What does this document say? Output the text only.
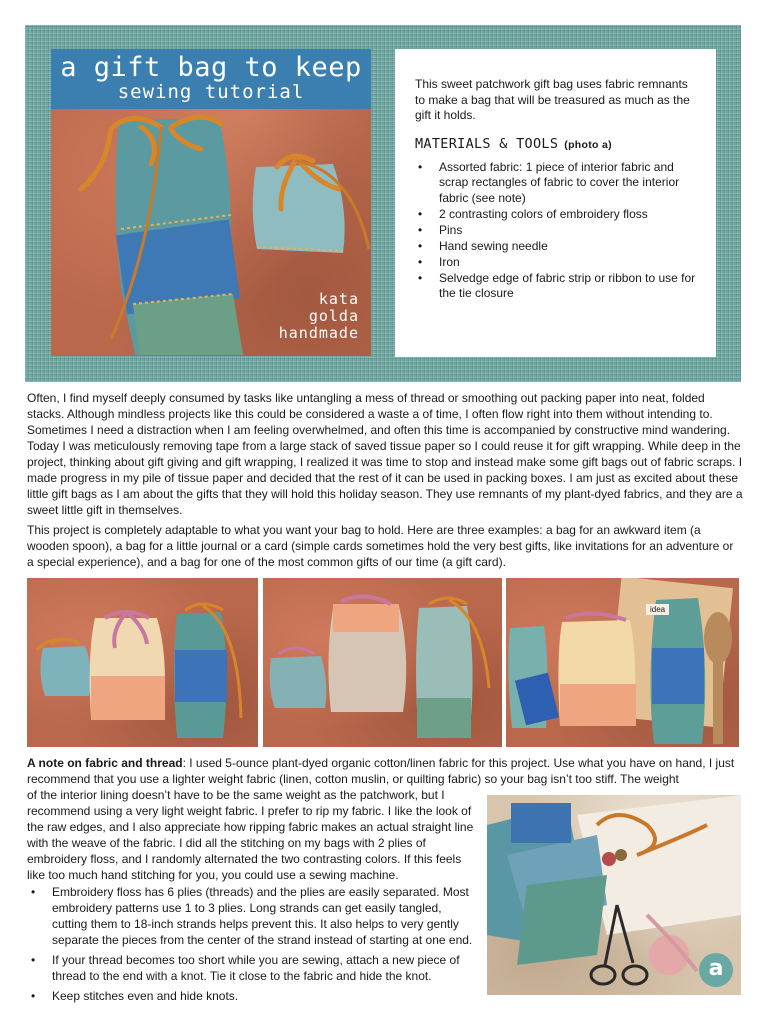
a gift bag to keep
sewing tutorial
kata
golda
handmade

This sweet patchwork gift bag uses fabric remnants to make a bag that will be treasured as much as the gift it holds.

MATERIALS & TOOLS (photo a)
• Assorted fabric: 1 piece of interior fabric and scrap rectangles of fabric to cover the interior fabric (see note)
• 2 contrasting colors of embroidery floss
• Pins
• Hand sewing needle
• Iron
• Selvedge edge of fabric strip or ribbon to use for the tie closure

Often, I find myself deeply consumed by tasks like untangling a mess of thread or smoothing out packing paper into neat, folded stacks. Although mindless projects like this could be considered a waste a of time, I often flow right into them without intending to. Sometimes I need a distraction when I am feeling overwhelmed, and often this time is accompanied by constructive mind wandering. Today I was meticulously removing tape from a large stack of saved tissue paper so I could reuse it for gift wrapping. While deep in the project, thinking about gift giving and gift wrapping, I realized it was time to stop and instead make some gift bags out of fabric scraps. I made progress in my pile of tissue paper and decided that the rest of it can be used in packing boxes. I am just as excited about these little gift bags as I am about the gifts that they will hold this holiday season. They use remnants of my plant-dyed fabrics, and they are a sweet little gift in themselves.

This project is completely adaptable to what you want your bag to hold. Here are three examples: a bag for an awkward item (a wooden spoon), a bag for a little journal or a card (simple cards sometimes hold the very best gifts, like invitations for an adventure or a special experience), and a bag for one of the most common gifts of our time (a gift card).

idea

A note on fabric and thread: I used 5-ounce plant-dyed organic cotton/linen fabric for this project. Use what you have on hand, I just recommend that you use a lighter weight fabric (linen, cotton muslin, or quilting fabric) so your bag isn’t too stiff. The weight

of the interior lining doesn’t have to be the same weight as the patchwork, but I recommend using a very light weight fabric. I prefer to rip my fabric. I like the look of the raw edges, and I also appreciate how ripping fabric makes an actual straight line with the weave of the fabric. I did all the stitching on my bags with 2 plies of embroidery floss, and I randomly alternated the two contrasting colors. If this feels like too much hand stitching for you, you could use a sewing machine.

• Embroidery floss has 6 plies (threads) and the plies are easily separated. Most embroidery patterns use 1 to 3 plies. Long strands can get easily tangled, cutting them to 18-inch strands helps prevent this. It also helps to very gently separate the pieces from the center of the strand instead of starting at one end.
• If your thread becomes too short while you are sewing, attach a new piece of thread to the end with a knot. Tie it close to the fabric and hide the knot.
• Keep stitches even and hide knots.
a
